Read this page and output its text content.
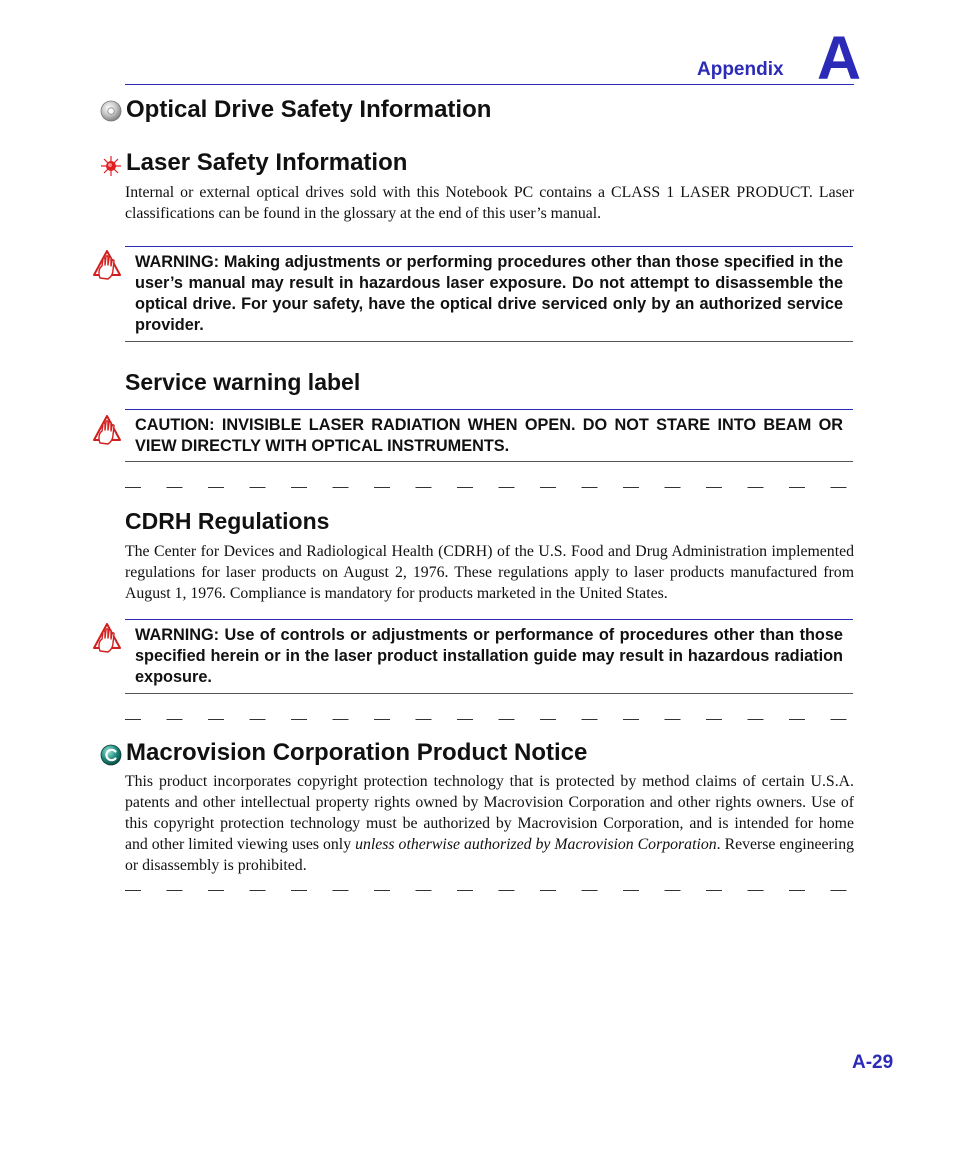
Appendix A
Optical Drive Safety Information
Laser Safety Information
Internal or external optical drives sold with this Notebook PC contains a CLASS 1 LASER PRODUCT. Laser classifications can be found in the glossary at the end of this user’s manual.
WARNING: Making adjustments or performing procedures other than those specified in the user’s manual may result in hazardous laser exposure. Do not attempt to disassemble the optical drive. For your safety, have the optical drive serviced only by an authorized service provider.
Service warning label
CAUTION: INVISIBLE LASER RADIATION WHEN OPEN. DO NOT STARE INTO BEAM OR VIEW DIRECTLY WITH OPTICAL INSTRUMENTS.
CDRH Regulations
The Center for Devices and Radiological Health (CDRH) of the U.S. Food and Drug Administration implemented regulations for laser products on August 2, 1976. These regulations apply to laser products manufactured from August 1, 1976. Compliance is mandatory for products marketed in the United States.
WARNING: Use of controls or adjustments or performance of procedures other than those specified herein or in the laser product installation guide may result in hazardous radiation exposure.
Macrovision Corporation Product Notice
This product incorporates copyright protection technology that is protected by method claims of certain U.S.A. patents and other intellectual property rights owned by Macrovision Corporation and other rights owners. Use of this copyright protection technology must be authorized by Macrovision Corporation, and is intended for home and other limited viewing uses only unless otherwise authorized by Macrovision Corporation. Reverse engineering or disassembly is prohibited.
A-29
